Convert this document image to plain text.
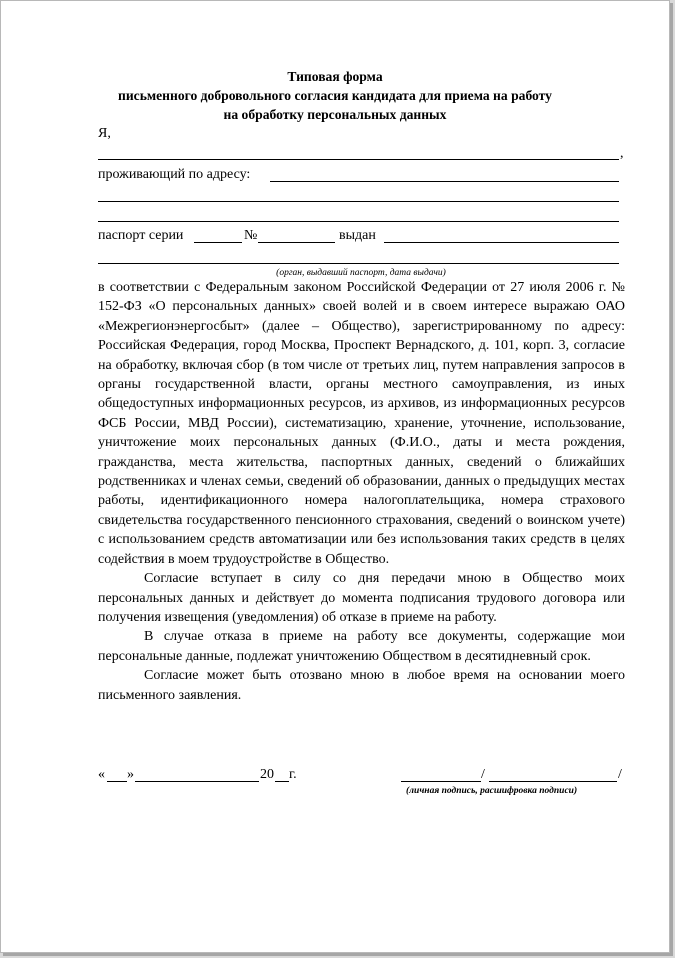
Типовая форма
письменного добровольного согласия кандидата для приема на работу
на обработку персональных данных
Я,
,
проживающий по адресу:
паспорт серии	№	выдан
(орган, выдавший паспорт, дата выдачи)

в соответствии с Федеральным законом Российской Федерации от 27 июля 2006 г. № 152-ФЗ «О персональных данных» своей волей и в своем интересе выражаю ОАО «Межрегионэнергосбыт» (далее – Общество), зарегистрированному по адресу: Российская Федерация, город Москва, Проспект Вернадского, д. 101, корп. 3, согласие на обработку, включая сбор (в том числе от третьих лиц, путем направления запросов в органы государственной власти, органы местного самоуправления, из иных общедоступных информационных ресурсов, из архивов, из информационных ресурсов ФСБ России, МВД России), систематизацию, хранение, уточнение, использование, уничтожение моих персональных данных (Ф.И.О., даты и места рождения, гражданства, места жительства, паспортных данных, сведений о ближайших родственниках и членах семьи, сведений об образовании, данных о предыдущих местах работы, идентификационного номера налогоплательщика, номера страхового свидетельства государственного пенсионного страхования, сведений о воинском учете) с использованием средств автоматизации или без использования таких средств в целях содействия в моем трудоустройстве в Общество.

Согласие вступает в силу со дня передачи мною в Общество моих персональных данных и действует до момента подписания трудового договора или получения извещения (уведомления) об отказе в приеме на работу.

В случае отказа в приеме на работу все документы, содержащие мои персональные данные, подлежат уничтожению Обществом в десятидневный срок.

Согласие может быть отозвано мною в любое время на основании моего письменного заявления.

« »	20 г.	/	/
(личная подпись, расшифровка подписи)
